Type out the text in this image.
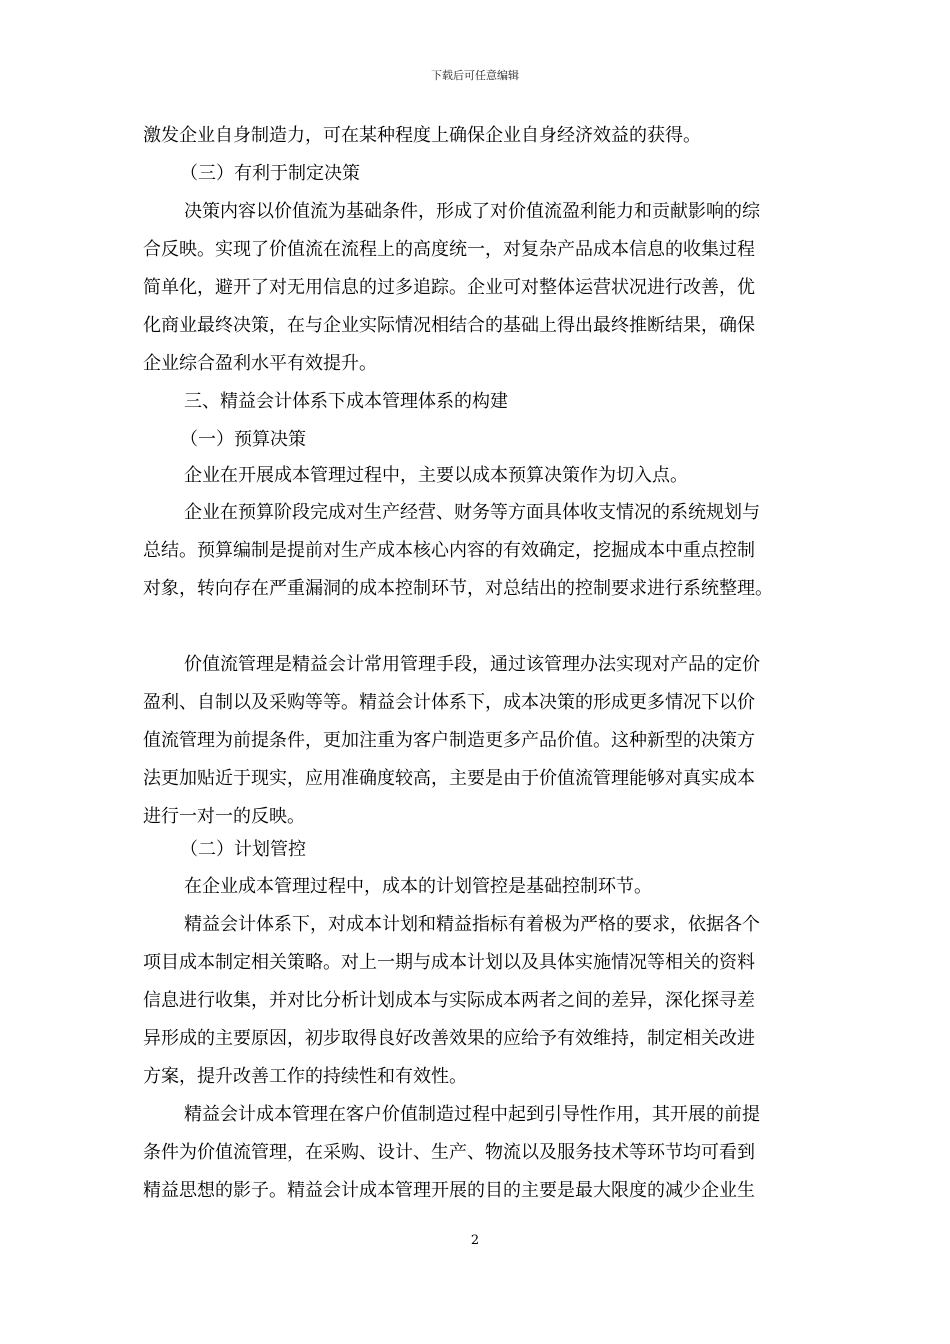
下载后可任意编辑
激发企业自身制造力，可在某种程度上确保企业自身经济效益的获得。
（三）有利于制定决策
决策内容以价值流为基础条件，形成了对价值流盈利能力和贡献影响的综
合反映。实现了价值流在流程上的高度统一，对复杂产品成本信息的收集过程
简单化，避开了对无用信息的过多追踪。企业可对整体运营状况进行改善，优
化商业最终决策，在与企业实际情况相结合的基础上得出最终推断结果，确保
企业综合盈利水平有效提升。
三、精益会计体系下成本管理体系的构建
（一）预算决策
企业在开展成本管理过程中，主要以成本预算决策作为切入点。
企业在预算阶段完成对生产经营、财务等方面具体收支情况的系统规划与
总结。预算编制是提前对生产成本核心内容的有效确定，挖掘成本中重点控制
对象，转向存在严重漏洞的成本控制环节，对总结出的控制要求进行系统整理。
价值流管理是精益会计常用管理手段，通过该管理办法实现对产品的定价
盈利、自制以及采购等等。精益会计体系下，成本决策的形成更多情况下以价
值流管理为前提条件，更加注重为客户制造更多产品价值。这种新型的决策方
法更加贴近于现实，应用准确度较高，主要是由于价值流管理能够对真实成本
进行一对一的反映。
（二）计划管控
在企业成本管理过程中，成本的计划管控是基础控制环节。
精益会计体系下，对成本计划和精益指标有着极为严格的要求，依据各个
项目成本制定相关策略。对上一期与成本计划以及具体实施情况等相关的资料
信息进行收集，并对比分析计划成本与实际成本两者之间的差异，深化探寻差
异形成的主要原因，初步取得良好改善效果的应给予有效维持，制定相关改进
方案，提升改善工作的持续性和有效性。
精益会计成本管理在客户价值制造过程中起到引导性作用，其开展的前提
条件为价值流管理，在采购、设计、生产、物流以及服务技术等环节均可看到
精益思想的影子。精益会计成本管理开展的目的主要是最大限度的减少企业生
2
